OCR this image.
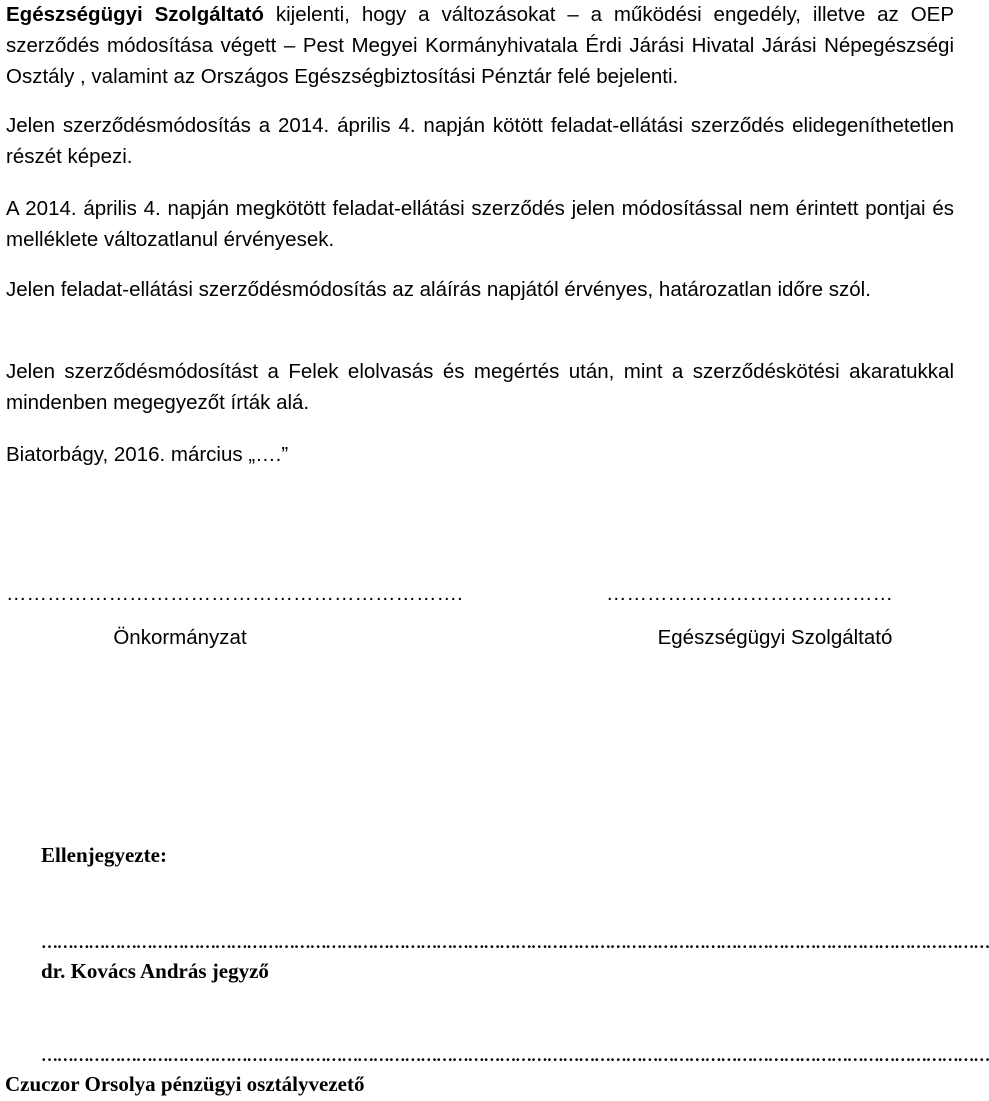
Egészségügyi Szolgáltató kijelenti, hogy a változásokat – a működési engedély, illetve az OEP szerződés módosítása végett – Pest Megyei Kormányhivatala Érdi Járási Hivatal Járási Népegészségi Osztály , valamint az Országos Egészségbiztosítási Pénztár felé bejelenti.

Jelen szerződésmódosítás a 2014. április 4. napján kötött feladat-ellátási szerződés elidegeníthetetlen részét képezi.

A 2014. április 4. napján megkötött feladat-ellátási szerződés jelen módosítással nem érintett pontjai és melléklete változatlanul érvényesek.

Jelen feladat-ellátási szerződésmódosítás az aláírás napjától érvényes, határozatlan időre szól.

Jelen szerződésmódosítást a Felek elolvasás és megértés után, mint a szerződéskötési akaratukkal mindenben megegyezőt írták alá.

Biatorbágy, 2016. március „….”

………………………………………………………….
Önkormányzat
……………………………………
Egészségügyi Szolgáltató
Ellenjegyezte:
………………………………………………………………………………………………………………………………………………………………
dr. Kovács András jegyző
………………………………………………………………………………………………………………………………………………………………
Czuczor Orsolya pénzügyi osztályvezető
